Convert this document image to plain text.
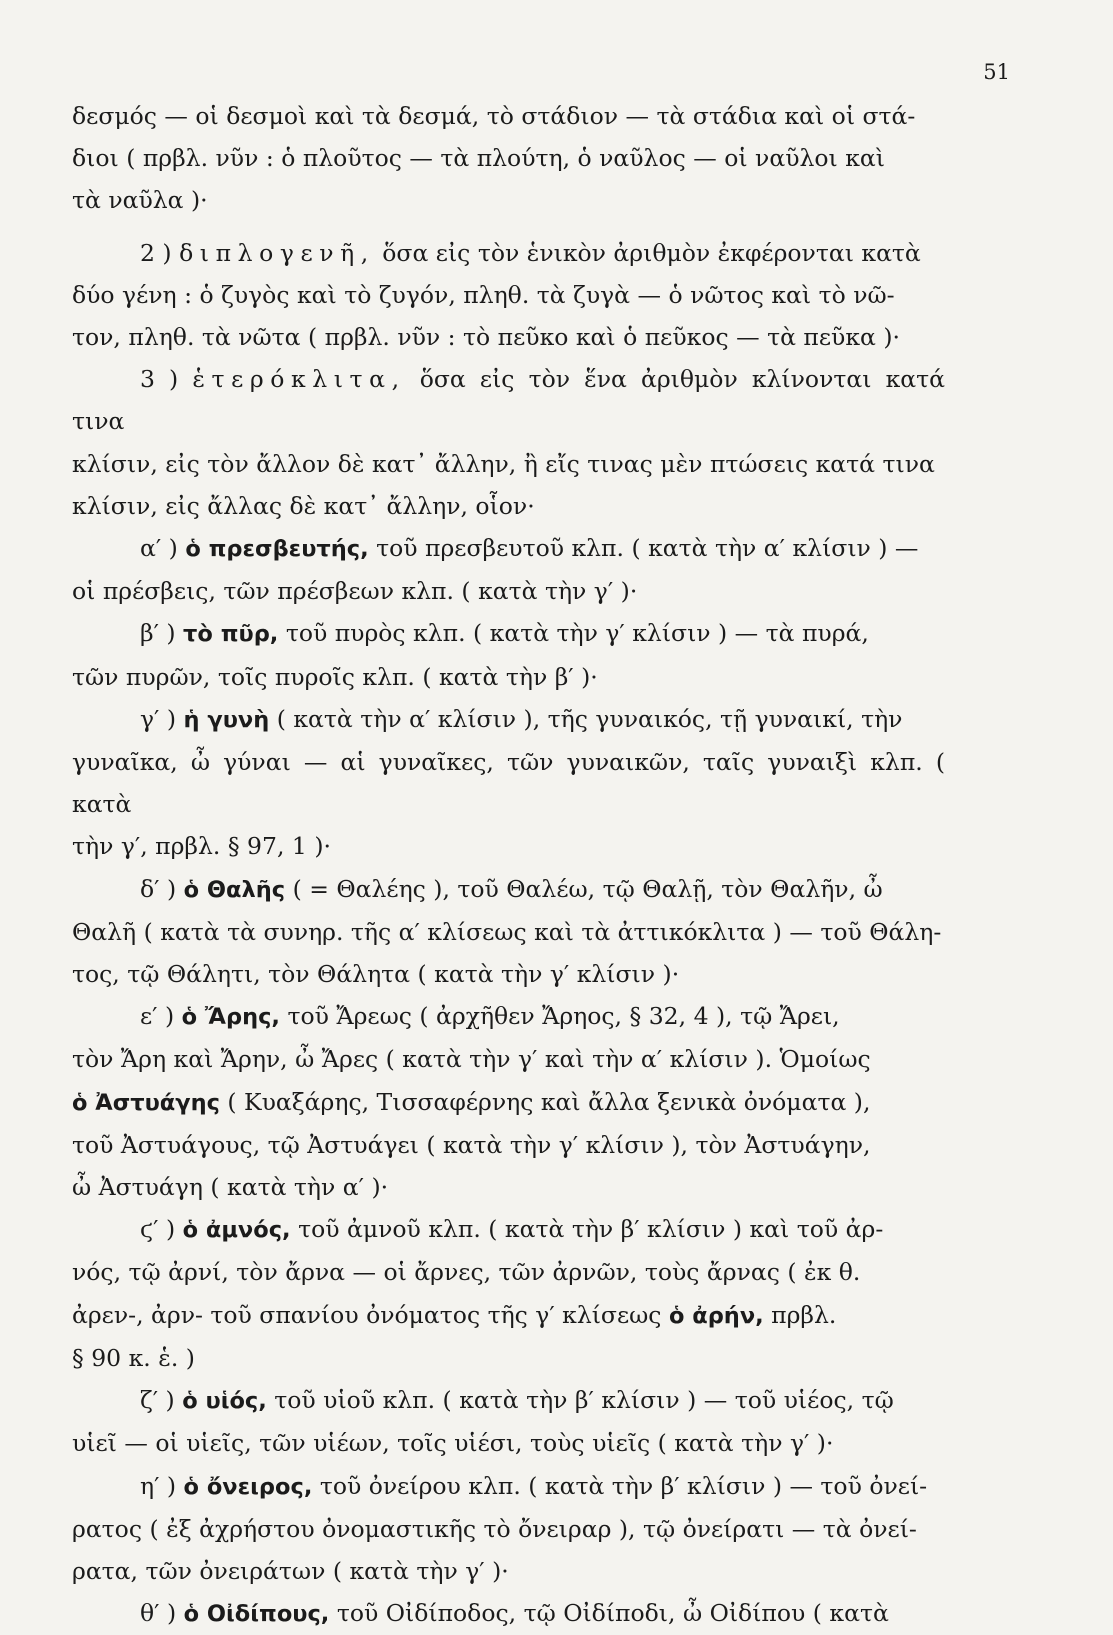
51

δεσμός — οἱ δεσμοὶ καὶ τὰ δεσμά, τὸ στάδιον — τὰ στάδια καὶ οἱ στά-
διοι ( πρβλ. νῦν : ὁ πλοῦτος — τὰ πλούτη, ὁ ναῦλος — οἱ ναῦλοι καὶ
τὰ ναῦλα )·

2 ) διπλογενῆ, ὅσα εἰς τὸν ἑνικὸν ἀριθμὸν ἐκφέρονται κατὰ
δύο γένη : ὁ ζυγὸς καὶ τὸ ζυγόν, πληθ. τὰ ζυγὰ — ὁ νῶτος καὶ τὸ νῶ-
τον, πληθ. τὰ νῶτα ( πρβλ. νῦν : τὸ πεῦκο καὶ ὁ πεῦκος — τὰ πεῦκα )·

3 ) ἑτερόκλιτα, ὅσα εἰς τὸν ἕνα ἀριθμὸν κλίνονται κατά τινα
κλίσιν, εἰς τὸν ἄλλον δὲ κατ᾽ ἄλλην, ἢ εἴς τινας μὲν πτώσεις κατά τινα
κλίσιν, εἰς ἄλλας δὲ κατ᾽ ἄλλην, οἷον·

α′ ) ὁ πρεσβευτής, τοῦ πρεσβευτοῦ κλπ. ( κατὰ τὴν α′ κλίσιν ) —
οἱ πρέσβεις, τῶν πρέσβεων κλπ. ( κατὰ τὴν γ′ )·

β′ ) τὸ πῦρ, τοῦ πυρὸς κλπ. ( κατὰ τὴν γ′ κλίσιν ) — τὰ πυρά,
τῶν πυρῶν, τοῖς πυροῖς κλπ. ( κατὰ τὴν β′ )·

γ′ ) ἡ γυνὴ ( κατὰ τὴν α′ κλίσιν ), τῆς γυναικός, τῇ γυναικί, τὴν
γυναῖκα, ὦ γύναι — αἱ γυναῖκες, τῶν γυναικῶν, ταῖς γυναιξὶ κλπ. ( κατὰ
τὴν γ′, πρβλ. § 97, 1 )·

δ′ ) ὁ Θαλῆς ( = Θαλέης ), τοῦ Θαλέω, τῷ Θαλῇ, τὸν Θαλῆν, ὦ
Θαλῆ ( κατὰ τὰ συνηρ. τῆς α′ κλίσεως καὶ τὰ ἀττικόκλιτα ) — τοῦ Θάλη-
τος, τῷ Θάλητι, τὸν Θάλητα ( κατὰ τὴν γ′ κλίσιν )·

ε′ ) ὁ Ἄρης, τοῦ Ἄρεως ( ἀρχῆθεν Ἄρηος, § 32, 4 ), τῷ Ἄρει,
τὸν Ἄρη καὶ Ἄρην, ὦ Ἄρες ( κατὰ τὴν γ′ καὶ τὴν α′ κλίσιν ). Ὁμοίως
ὁ Ἀστυάγης ( Κυαξάρης, Τισσαφέρνης καὶ ἄλλα ξενικὰ ὀνόματα ),
τοῦ Ἀστυάγους, τῷ Ἀστυάγει ( κατὰ τὴν γ′ κλίσιν ), τὸν Ἀστυάγην,
ὦ Ἀστυάγη ( κατὰ τὴν α′ )·

ϛ′ ) ὁ ἀμνός, τοῦ ἀμνοῦ κλπ. ( κατὰ τὴν β′ κλίσιν ) καὶ τοῦ ἀρ-
νός, τῷ ἀρνί, τὸν ἄρνα — οἱ ἄρνες, τῶν ἀρνῶν, τοὺς ἄρνας ( ἐκ θ.
ἀρεν-, ἀρν- τοῦ σπανίου ὀνόματος τῆς γ′ κλίσεως ὁ ἀρήν, πρβλ.
§ 90 κ. ἑ. )

ζ′ ) ὁ υἱός, τοῦ υἱοῦ κλπ. ( κατὰ τὴν β′ κλίσιν ) — τοῦ υἱέος, τῷ
υἱεῖ — οἱ υἱεῖς, τῶν υἱέων, τοῖς υἱέσι, τοὺς υἱεῖς ( κατὰ τὴν γ′ )·

η′ ) ὁ ὄνειρος, τοῦ ὀνείρου κλπ. ( κατὰ τὴν β′ κλίσιν ) — τοῦ ὀνεί-
ρατος ( ἐξ ἀχρήστου ὀνομαστικῆς τὸ ὄνειραρ ), τῷ ὀνείρατι — τὰ ὀνεί-
ρατα, τῶν ὀνειράτων ( κατὰ τὴν γ′ )·

θ′ ) ὁ Οἰδίπους, τοῦ Οἰδίποδος, τῷ Οἰδίποδι, ὦ Οἰδίπου ( κατὰ
